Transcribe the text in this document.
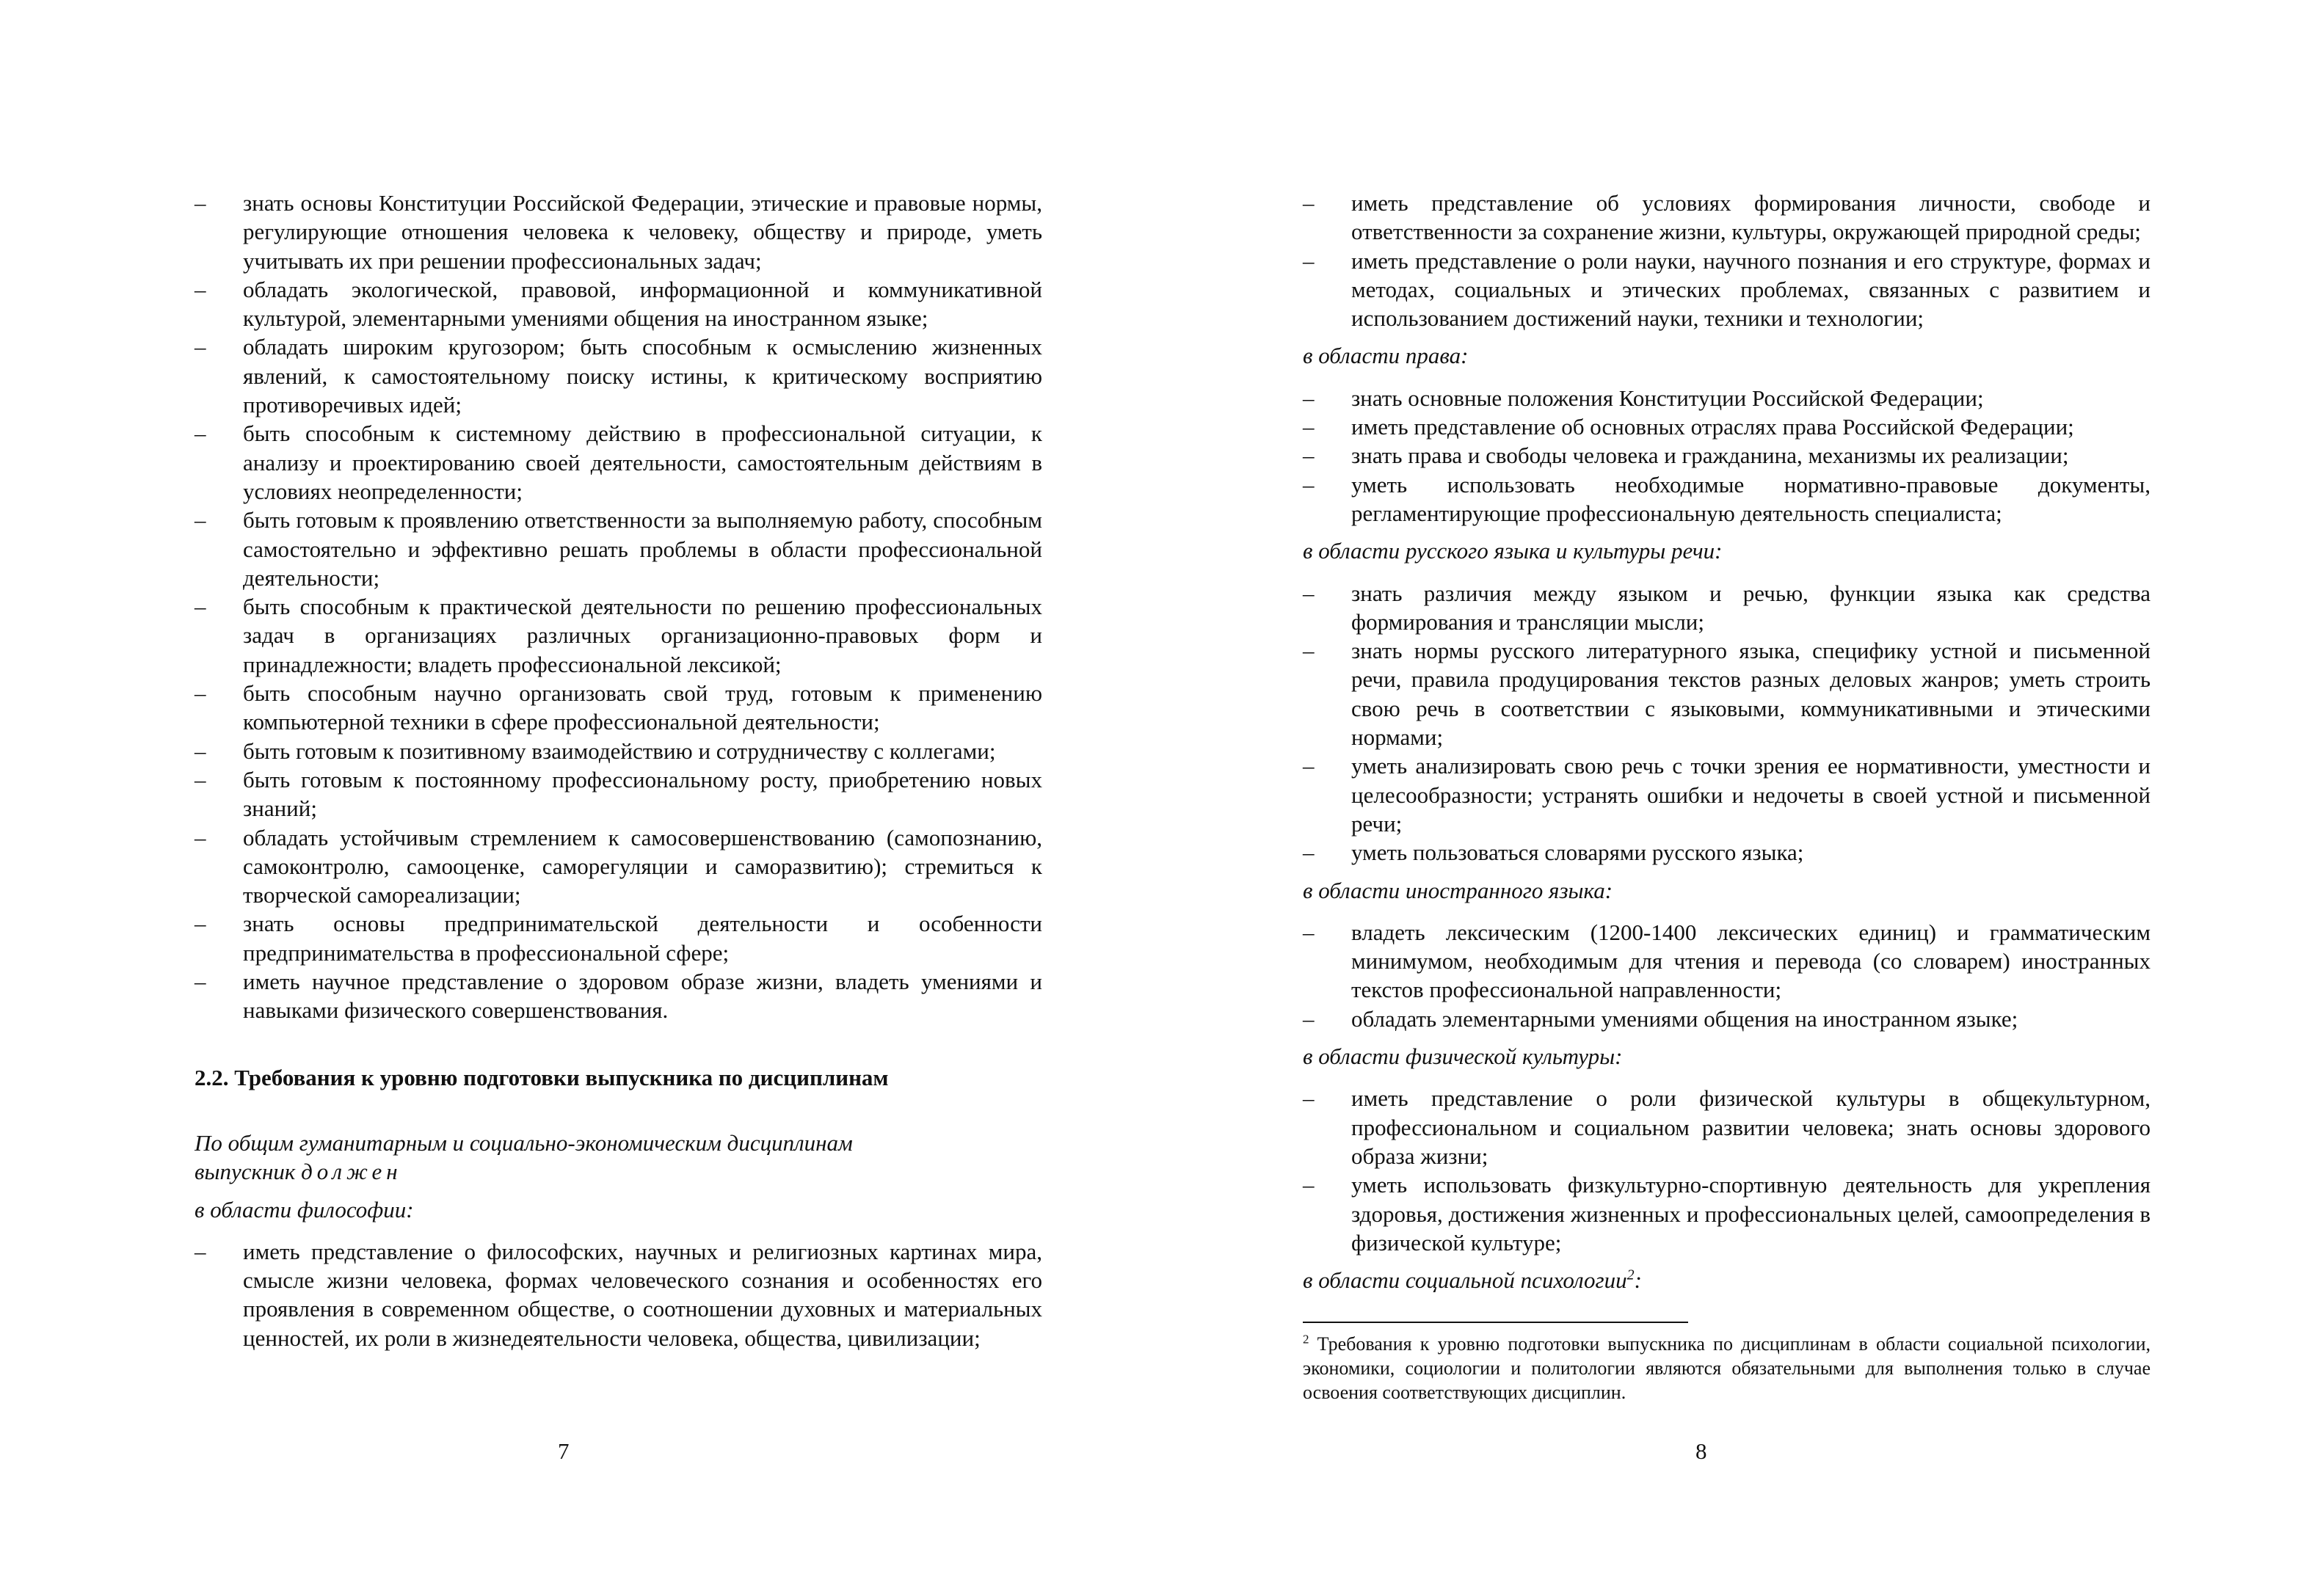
– знать основы Конституции Российской Федерации, этические и правовые нормы, регулирующие отношения человека к человеку, обществу и природе, уметь учитывать их при решении профессиональных задач;
– обладать экологической, правовой, информационной и коммуникативной культурой, элементарными умениями общения на иностранном языке;
– обладать широким кругозором; быть способным к осмыслению жизненных явлений, к самостоятельному поиску истины, к критическому восприятию противоречивых идей;
– быть способным к системному действию в профессиональной ситуации, к анализу и проектированию своей деятельности, самостоятельным действиям в условиях неопределенности;
– быть готовым к проявлению ответственности за выполняемую работу, способным самостоятельно и эффективно решать проблемы в области профессиональной деятельности;
– быть способным к практической деятельности по решению профессиональных задач в организациях различных организационно-правовых форм и принадлежности; владеть профессиональной лексикой;
– быть способным научно организовать свой труд, готовым к применению компьютерной техники в сфере профессиональной деятельности;
– быть готовым к позитивному взаимодействию и сотрудничеству с коллегами;
– быть готовым к постоянному профессиональному росту, приобретению новых знаний;
– обладать устойчивым стремлением к самосовершенствованию (самопознанию, самоконтролю, самооценке, саморегуляции и саморазвитию); стремиться к творческой самореализации;
– знать основы предпринимательской деятельности и особенности предпринимательства в профессиональной сфере;
– иметь научное представление о здоровом образе жизни, владеть умениями и навыками физического совершенствования.
2.2. Требования к уровню подготовки выпускника по дисциплинам
По общим гуманитарным и социально-экономическим дисциплинам
выпускник должен
в области философии:
– иметь представление о философских, научных и религиозных картинах мира, смысле жизни человека, формах человеческого сознания и особенностях его проявления в современном обществе, о соотношении духовных и материальных ценностей, их роли в жизнедеятельности человека, общества, цивилизации;
7
– иметь представление об условиях формирования личности, свободе и ответственности за сохранение жизни, культуры, окружающей природной среды;
– иметь представление о роли науки, научного познания и его структуре, формах и методах, социальных и этических проблемах, связанных с развитием и использованием достижений науки, техники и технологии;
в области права:
– знать основные положения Конституции Российской Федерации;
– иметь представление об основных отраслях права Российской Федерации;
– знать права и свободы человека и гражданина, механизмы их реализации;
– уметь использовать необходимые нормативно-правовые документы, регламентирующие профессиональную деятельность специалиста;
в области русского языка и культуры речи:
– знать различия между языком и речью, функции языка как средства формирования и трансляции мысли;
– знать нормы русского литературного языка, специфику устной и письменной речи, правила продуцирования текстов разных деловых жанров; уметь строить свою речь в соответствии с языковыми, коммуникативными и этическими нормами;
– уметь анализировать свою речь с точки зрения ее нормативности, уместности и целесообразности; устранять ошибки и недочеты в своей устной и письменной речи;
– уметь пользоваться словарями русского языка;
в области иностранного языка:
– владеть лексическим (1200-1400 лексических единиц) и грамматическим минимумом, необходимым для чтения и перевода (со словарем) иностранных текстов профессиональной направленности;
– обладать элементарными умениями общения на иностранном языке;
в области физической культуры:
– иметь представление о роли физической культуры в общекультурном, профессиональном и социальном развитии человека; знать основы здорового образа жизни;
– уметь использовать физкультурно-спортивную деятельность для укрепления здоровья, достижения жизненных и профессиональных целей, самоопределения в физической культуре;
в области социальной психологии$^2$:
$^2$ Требования к уровню подготовки выпускника по дисциплинам в области социальной психологии, экономики, социологии и политологии являются обязательными для выполнения только в случае освоения соответствующих дисциплин.
8
